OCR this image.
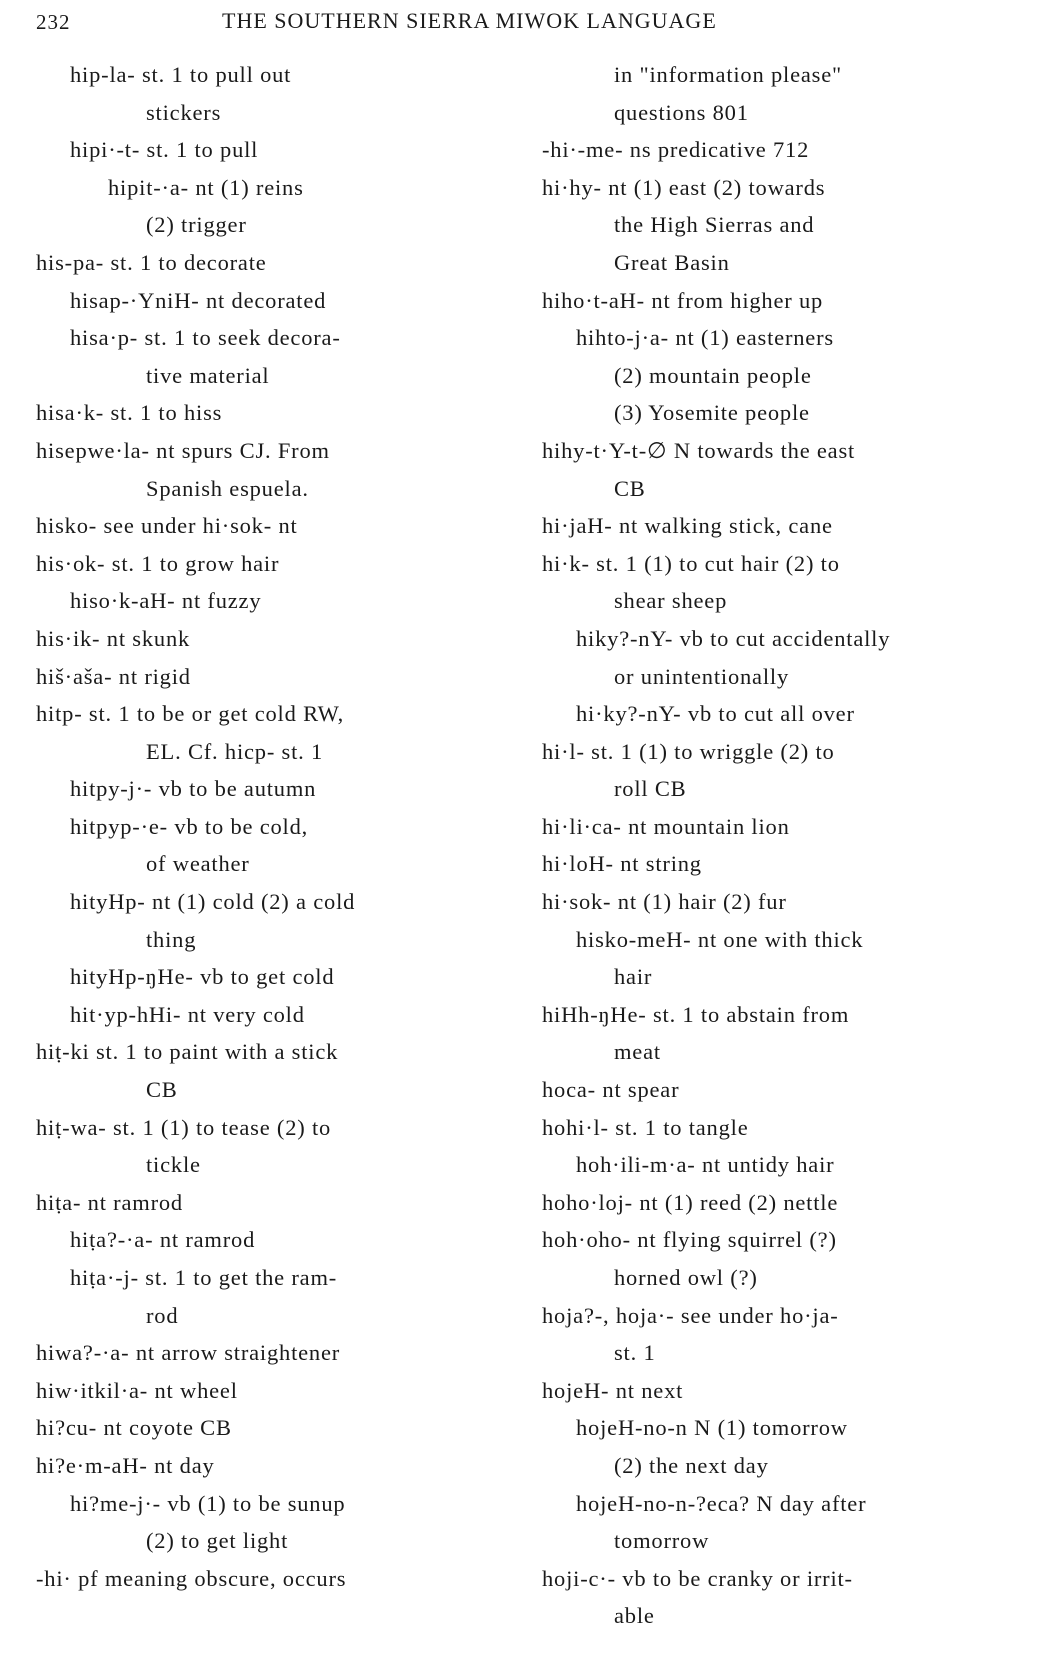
232	THE SOUTHERN SIERRA MIWOK LANGUAGE
hip-la- st. 1 to pull out
stickers
hipi·-t- st. 1 to pull
hipit-·a- nt (1) reins
(2) trigger
his-pa- st. 1 to decorate
hisap-·YniH- nt decorated
hisa·p- st. 1 to seek decora-
tive material
hisa·k- st. 1 to hiss
hisepwe·la- nt spurs CJ. From
Spanish espuela.
hisko- see under hi·sok- nt
his·ok- st. 1 to grow hair
hiso·k-aH- nt fuzzy
his·ik- nt skunk
hiš·aša- nt rigid
hitp- st. 1 to be or get cold RW,
EL. Cf. hicp- st. 1
hitpy-j·- vb to be autumn
hitpyp-·e- vb to be cold,
of weather
hityHp- nt (1) cold (2) a cold
thing
hityHp-ŋHe- vb to get cold
hit·yp-hHi- nt very cold
hiṭ-ki st. 1 to paint with a stick
CB
hiṭ-wa- st. 1 (1) to tease (2) to
tickle
hiṭa- nt ramrod
hiṭa?-·a- nt ramrod
hiṭa·-j- st. 1 to get the ram-
rod
hiwa?-·a- nt arrow straightener
hiw·itkil·a- nt wheel
hi?cu- nt coyote CB
hi?e·m-aH- nt day
hi?me-j·- vb (1) to be sunup
(2) to get light
-hi· pf meaning obscure, occurs
in "information please"
questions 801
-hi·-me- ns predicative 712
hi·hy- nt (1) east (2) towards
the High Sierras and
Great Basin
hiho·t-aH- nt from higher up
hihto-j·a- nt (1) easterners
(2) mountain people
(3) Yosemite people
hihy-t·Y-t-∅ N towards the east
CB
hi·jaH- nt walking stick, cane
hi·k- st. 1 (1) to cut hair (2) to
shear sheep
hiky?-nY- vb to cut accidentally
or unintentionally
hi·ky?-nY- vb to cut all over
hi·l- st. 1 (1) to wriggle (2) to
roll CB
hi·li·ca- nt mountain lion
hi·loH- nt string
hi·sok- nt (1) hair (2) fur
hisko-meH- nt one with thick
hair
hiHh-ŋHe- st. 1 to abstain from
meat
hoca- nt spear
hohi·l- st. 1 to tangle
hoh·ili-m·a- nt untidy hair
hoho·loj- nt (1) reed (2) nettle
hoh·oho- nt flying squirrel (?)
horned owl (?)
hoja?-, hoja·- see under ho·ja-
st. 1
hojeH- nt next
hojeH-no-n N (1) tomorrow
(2) the next day
hojeH-no-n-?eca? N day after
tomorrow
hoji-c·- vb to be cranky or irrit-
able
